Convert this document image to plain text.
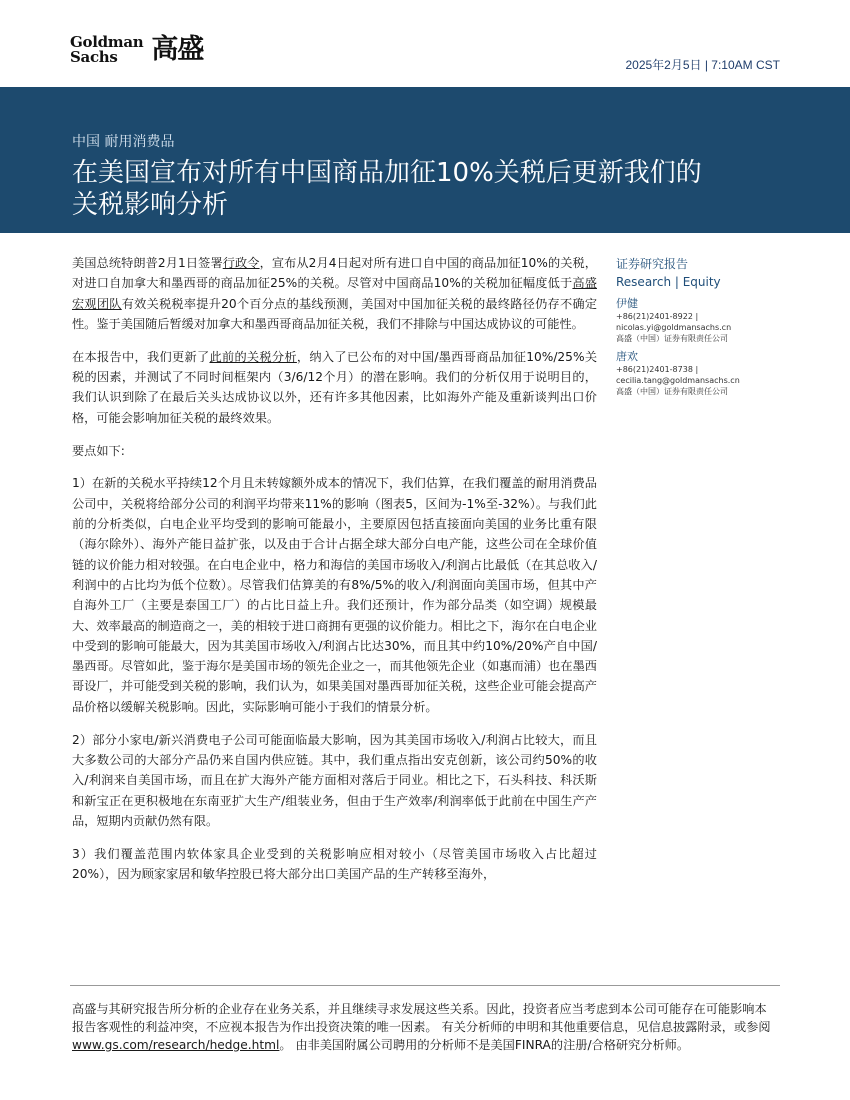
Goldman
Sachs	高盛	2025年2月5日 | 7:10AM CST
中国 耐用消费品
在美国宣布对所有中国商品加征10%关税后更新我们的关税影响分析

美国总统特朗普2月1日签署行政令，宣布从2月4日起对所有进口自中国的商品加征10%的关税，对进口自加拿大和墨西哥的商品加征25%的关税。尽管对中国商品10%的关税加征幅度低于高盛宏观团队有效关税税率提升20个百分点的基线预测，美国对中国加征关税的最终路径仍存不确定性。鉴于美国随后暂缓对加拿大和墨西哥商品加征关税，我们不排除与中国达成协议的可能性。

在本报告中，我们更新了此前的关税分析，纳入了已公布的对中国/墨西哥商品加征10%/25%关税的因素，并测试了不同时间框架内（3/6/12个月）的潜在影响。我们的分析仅用于说明目的，我们认识到除了在最后关头达成协议以外，还有许多其他因素，比如海外产能及重新谈判出口价格，可能会影响加征关税的最终效果。

要点如下:

1）在新的关税水平持续12个月且未转嫁额外成本的情况下，我们估算，在我们覆盖的耐用消费品公司中，关税将给部分公司的利润平均带来11%的影响（图表5，区间为-1%至-32%）。与我们此前的分析类似，白电企业平均受到的影响可能最小，主要原因包括直接面向美国的业务比重有限（海尔除外）、海外产能日益扩张，以及由于合计占据全球大部分白电产能，这些公司在全球价值链的议价能力相对较强。在白电企业中，格力和海信的美国市场收入/利润占比最低（在其总收入/利润中的占比均为低个位数）。尽管我们估算美的有8%/5%的收入/利润面向美国市场，但其中产自海外工厂（主要是泰国工厂）的占比日益上升。我们还预计，作为部分品类（如空调）规模最大、效率最高的制造商之一，美的相较于进口商拥有更强的议价能力。相比之下，海尔在白电企业中受到的影响可能最大，因为其美国市场收入/利润占比达30%，而且其中约10%/20%产自中国/墨西哥。尽管如此，鉴于海尔是美国市场的领先企业之一，而其他领先企业（如惠而浦）也在墨西哥设厂，并可能受到关税的影响，我们认为，如果美国对墨西哥加征关税，这些企业可能会提高产品价格以缓解关税影响。因此，实际影响可能小于我们的情景分析。

2）部分小家电/新兴消费电子公司可能面临最大影响，因为其美国市场收入/利润占比较大，而且大多数公司的大部分产品仍来自国内供应链。其中，我们重点指出安克创新，该公司约50%的收入/利润来自美国市场，而且在扩大海外产能方面相对落后于同业。相比之下，石头科技、科沃斯和新宝正在更积极地在东南亚扩大生产/组装业务，但由于生产效率/利润率低于此前在中国生产产品，短期内贡献仍然有限。

3）我们覆盖范围内软体家具企业受到的关税影响应相对较小（尽管美国市场收入占比超过20%），因为顾家家居和敏华控股已将大部分出口美国产品的生产转移至海外，

证券研究报告
Research | Equity
伊健
+86(21)2401-8922 |
nicolas.yi@goldmansachs.cn
高盛（中国）证券有限责任公司
唐欢
+86(21)2401-8738 |
cecilia.tang@goldmansachs.cn
高盛（中国）证券有限责任公司
高盛与其研究报告所分析的企业存在业务关系，并且继续寻求发展这些关系。因此，投资者应当考虑到本公司可能存在可能影响本报告客观性的利益冲突，不应视本报告为作出投资决策的唯一因素。 有关分析师的申明和其他重要信息，见信息披露附录，或参阅www.gs.com/research/hedge.html。 由非美国附属公司聘用的分析师不是美国FINRA的注册/合格研究分析师。
